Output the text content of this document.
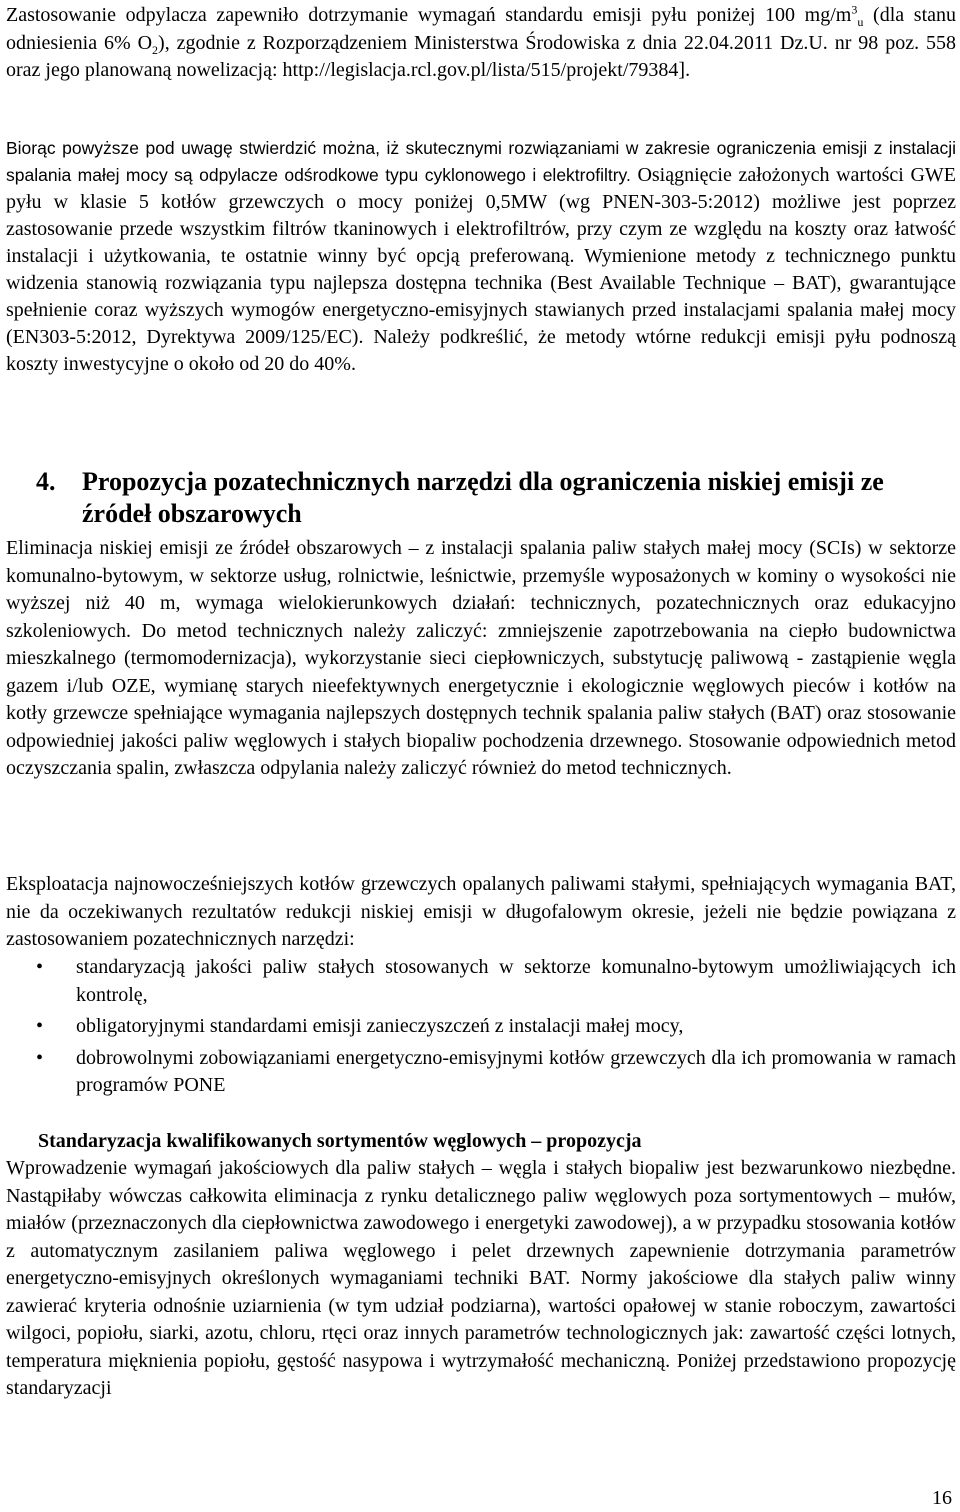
Zastosowanie odpylacza zapewniło dotrzymanie wymagań standardu emisji pyłu poniżej 100 $mg/m^3_u$ (dla stanu odniesienia 6% $O_2$), zgodnie z Rozporządzeniem Ministerstwa Środowiska z dnia 22.04.2011 Dz.U. nr 98 poz. 558 oraz jego planowaną nowelizacją: http://legislacja.rcl.gov.pl/lista/515/projekt/79384].

Biorąc powyższe pod uwagę stwierdzić można, iż skutecznymi rozwiązaniami w zakresie ograniczenia emisji z instalacji spalania małej mocy są odpylacze odśrodkowe typu cyklonowego i elektrofiltry. Osiągnięcie założonych wartości GWE pyłu w klasie 5 kotłów grzewczych o mocy poniżej 0,5MW (wg PNEN-303-5:2012) możliwe jest poprzez zastosowanie przede wszystkim filtrów tkaninowych i elektrofiltrów, przy czym ze względu na koszty oraz łatwość instalacji i użytkowania, te ostatnie winny być opcją preferowaną. Wymienione metody z technicznego punktu widzenia stanowią rozwiązania typu najlepsza dostępna technika (Best Available Technique – BAT), gwarantujące spełnienie coraz wyższych wymogów energetyczno-emisyjnych stawianych przed instalacjami spalania małej mocy (EN303-5:2012, Dyrektywa 2009/125/EC). Należy podkreślić, że metody wtórne redukcji emisji pyłu podnoszą koszty inwestycyjne o około od 20 do 40%.

4. Propozycja pozatechnicznych narzędzi dla ograniczenia niskiej emisji ze źródeł obszarowych

Eliminacja niskiej emisji ze źródeł obszarowych – z instalacji spalania paliw stałych małej mocy (SCIs) w sektorze komunalno-bytowym, w sektorze usług, rolnictwie, leśnictwie, przemyśle wyposażonych w kominy o wysokości nie wyższej niż 40 m, wymaga wielokierunkowych działań: technicznych, pozatechnicznych oraz edukacyjno szkoleniowych. Do metod technicznych należy zaliczyć: zmniejszenie zapotrzebowania na ciepło budownictwa mieszkalnego (termomodernizacja), wykorzystanie sieci ciepłowniczych, substytucję paliwową - zastąpienie węgla gazem i/lub OZE, wymianę starych nieefektywnych energetycznie i ekologicznie węglowych pieców i kotłów na kotły grzewcze spełniające wymagania najlepszych dostępnych technik spalania paliw stałych (BAT) oraz stosowanie odpowiedniej jakości paliw węglowych i stałych biopaliw pochodzenia drzewnego. Stosowanie odpowiednich metod oczyszczania spalin, zwłaszcza odpylania należy zaliczyć również do metod technicznych.

Eksploatacja najnowocześniejszych kotłów grzewczych opalanych paliwami stałymi, spełniających wymagania BAT, nie da oczekiwanych rezultatów redukcji niskiej emisji w długofalowym okresie, jeżeli nie będzie powiązana z zastosowaniem pozatechnicznych narzędzi:

• standaryzacją jakości paliw stałych stosowanych w sektorze komunalno-bytowym umożliwiających ich kontrolę,
• obligatoryjnymi standardami emisji zanieczyszczeń z instalacji małej mocy,
• dobrowolnymi zobowiązaniami energetyczno-emisyjnymi kotłów grzewczych dla ich promowania w ramach programów PONE

Standaryzacja kwalifikowanych sortymentów węglowych – propozycja

Wprowadzenie wymagań jakościowych dla paliw stałych – węgla i stałych biopaliw jest bezwarunkowo niezbędne. Nastąpiłaby wówczas całkowita eliminacja z rynku detalicznego paliw węglowych poza sortymentowych – mułów, miałów (przeznaczonych dla ciepłownictwa zawodowego i energetyki zawodowej), a w przypadku stosowania kotłów z automatycznym zasilaniem paliwa węglowego i pelet drzewnych zapewnienie dotrzymania parametrów energetyczno-emisyjnych określonych wymaganiami techniki BAT. Normy jakościowe dla stałych paliw winny zawierać kryteria odnośnie uziarnienia (w tym udział podziarna), wartości opałowej w stanie roboczym, zawartości wilgoci, popiołu, siarki, azotu, chloru, rtęci oraz innych parametrów technologicznych jak: zawartość części lotnych, temperatura mięknienia popiołu, gęstość nasypowa i wytrzymałość mechaniczną. Poniżej przedstawiono propozycję standaryzacji

16
